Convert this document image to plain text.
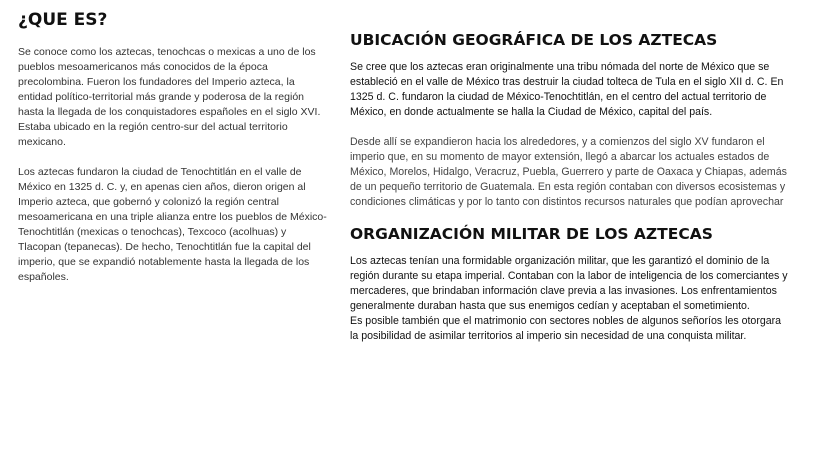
¿QUE ES?

Se conoce como los aztecas, tenochcas o mexicas a uno de los pueblos mesoamericanos más conocidos de la época precolombina. Fueron los fundadores del Imperio azteca, la entidad político-territorial más grande y poderosa de la región hasta la llegada de los conquistadores españoles en el siglo XVI. Estaba ubicado en la región centro-sur del actual territorio mexicano.

Los aztecas fundaron la ciudad de Tenochtitlán en el valle de México en 1325 d. C. y, en apenas cien años, dieron origen al Imperio azteca, que gobernó y colonizó la región central mesoamericana en una triple alianza entre los pueblos de México-Tenochtitlán (mexicas o tenochcas), Texcoco (acolhuas) y Tlacopan (tepanecas). De hecho, Tenochtitlán fue la capital del imperio, que se expandió notablemente hasta la llegada de los españoles.

UBICACIÓN GEOGRÁFICA DE LOS AZTECAS

Se cree que los aztecas eran originalmente una tribu nómada del norte de México que se estableció en el valle de México tras destruir la ciudad tolteca de Tula en el siglo XII d. C. En 1325 d. C. fundaron la ciudad de México-Tenochtitlán, en el centro del actual territorio de México, en donde actualmente se halla la Ciudad de México, capital del país.

Desde allí se expandieron hacia los alrededores, y a comienzos del siglo XV fundaron el imperio que, en su momento de mayor extensión, llegó a abarcar los actuales estados de México, Morelos, Hidalgo, Veracruz, Puebla, Guerrero y parte de Oaxaca y Chiapas, además de un pequeño territorio de Guatemala. En esta región contaban con diversos ecosistemas y condiciones climáticas y por lo tanto con distintos recursos naturales que podían aprovechar

ORGANIZACIÓN MILITAR DE LOS AZTECAS

Los aztecas tenían una formidable organización militar, que les garantizó el dominio de la región durante su etapa imperial. Contaban con la labor de inteligencia de los comerciantes y mercaderes, que brindaban información clave previa a las invasiones. Los enfrentamientos generalmente duraban hasta que sus enemigos cedían y aceptaban el sometimiento.

Es posible también que el matrimonio con sectores nobles de algunos señoríos les otorgara la posibilidad de asimilar territorios al imperio sin necesidad de una conquista militar.
